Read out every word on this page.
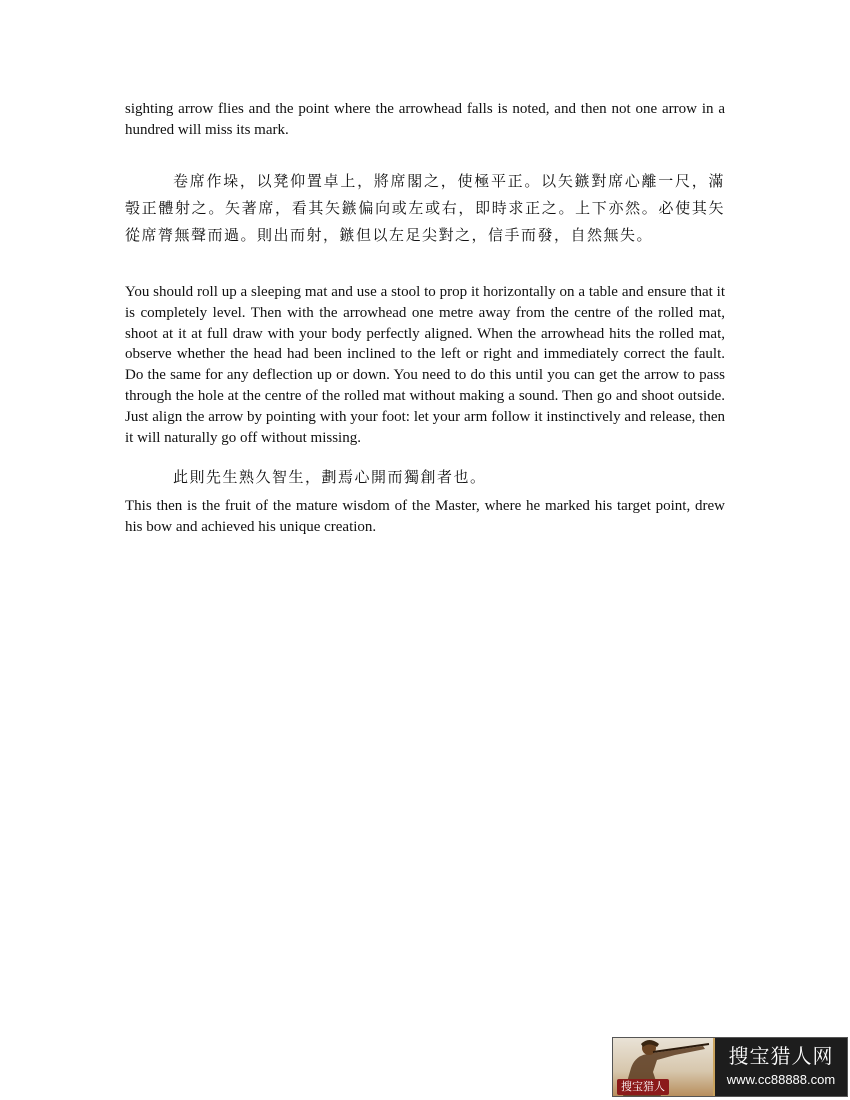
sighting arrow flies and the point where the arrowhead falls is noted, and then not one arrow in a hundred will miss its mark.

卷席作垛，以凳仰置卓上，將席閣之，使極平正。以矢鏃對席心離一尺，滿彀正體射之。矢著席，看其矢鏃偏向或左或右，即時求正之。上下亦然。必使其矢從席膂無聲而過。則出而射，鏃但以左足尖對之，信手而發，自然無失。

You should roll up a sleeping mat and use a stool to prop it horizontally on a table and ensure that it is completely level. Then with the arrowhead one metre away from the centre of the rolled mat, shoot at it at full draw with your body perfectly aligned. When the arrowhead hits the rolled mat, observe whether the head had been inclined to the left or right and immediately correct the fault. Do the same for any deflection up or down. You need to do this until you can get the arrow to pass through the hole at the centre of the rolled mat without making a sound. Then go and shoot outside. Just align the arrow by pointing with your foot: let your arm follow it instinctively and release, then it will naturally go off without missing.

此則先生熟久智生，劃焉心開而獨創者也。

This then is the fruit of the mature wisdom of the Master, where he marked his target point, drew his bow and achieved his unique creation.

搜宝猎人
搜宝猎人网
www.cc88888.com
